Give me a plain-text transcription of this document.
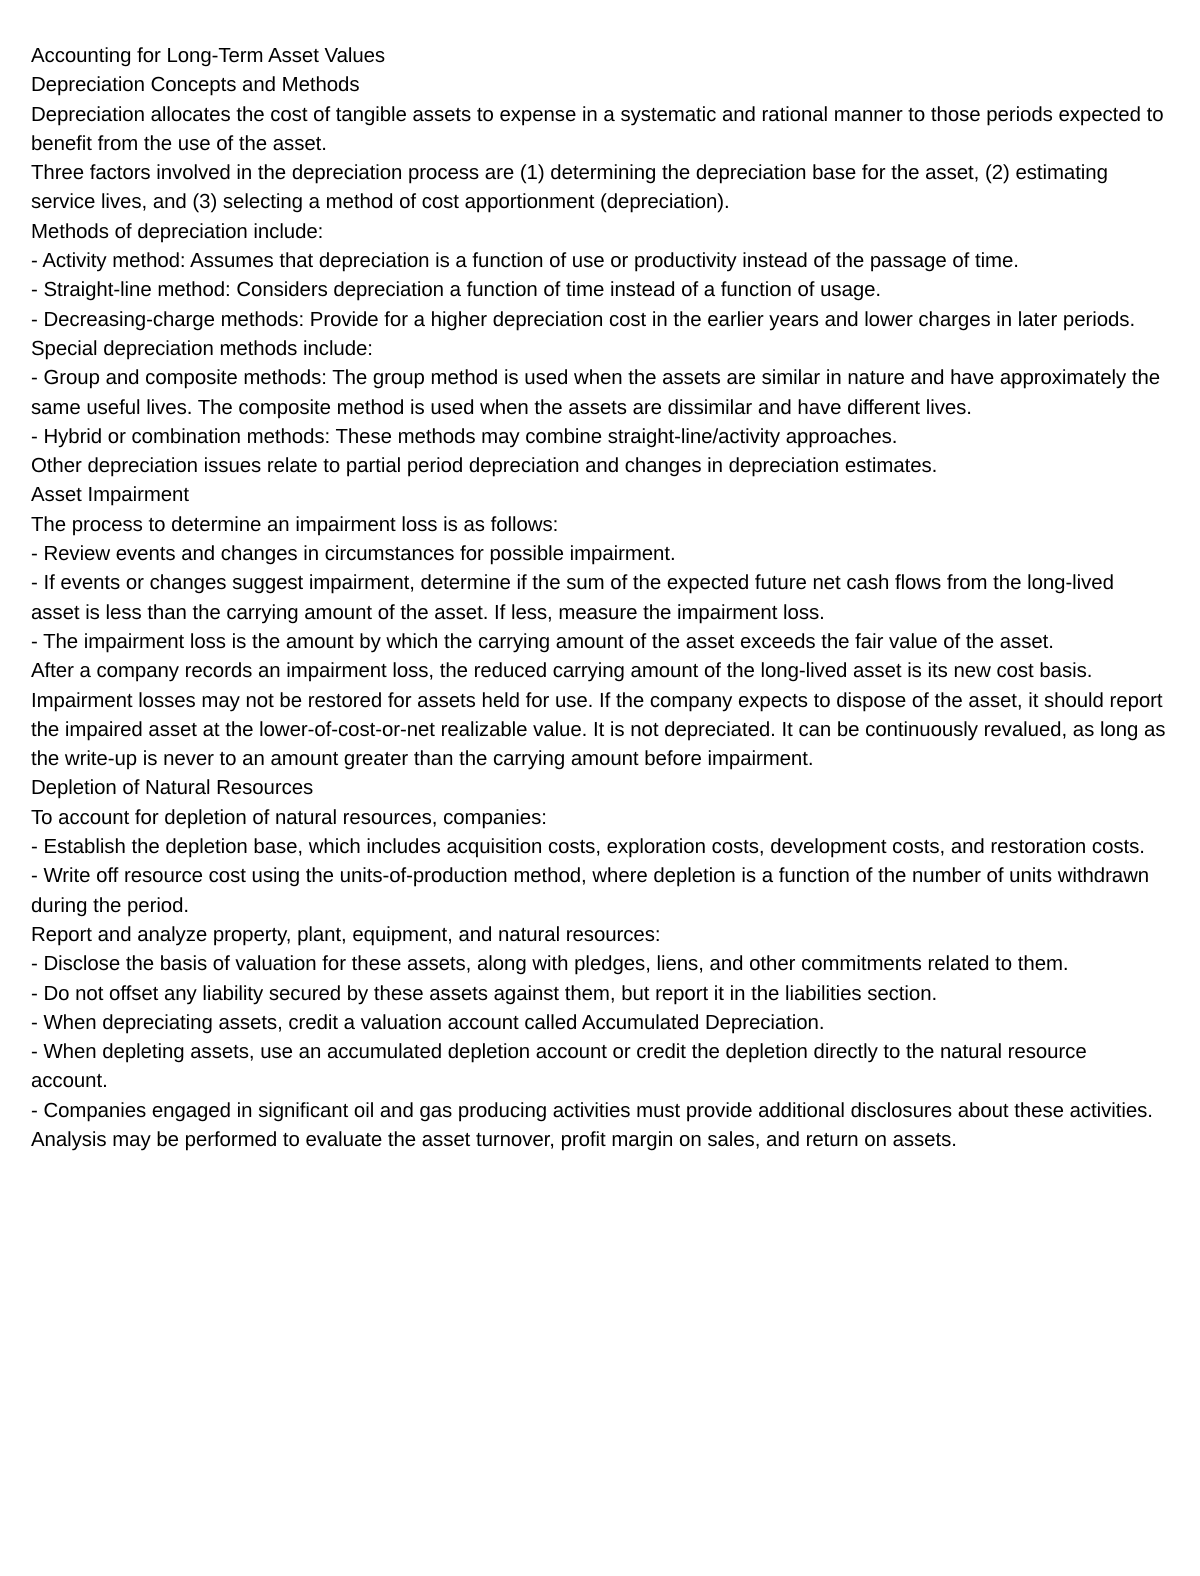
Accounting for Long-Term Asset Values

Depreciation Concepts and Methods

Depreciation allocates the cost of tangible assets to expense in a systematic and rational manner to those periods expected to benefit from the use of the asset.

Three factors involved in the depreciation process are (1) determining the depreciation base for the asset, (2) estimating service lives, and (3) selecting a method of cost apportionment (depreciation).

Methods of depreciation include:

- Activity method: Assumes that depreciation is a function of use or productivity instead of the passage of time.

- Straight-line method: Considers depreciation a function of time instead of a function of usage.

- Decreasing-charge methods: Provide for a higher depreciation cost in the earlier years and lower charges in later periods.

Special depreciation methods include:

- Group and composite methods: The group method is used when the assets are similar in nature and have approximately the same useful lives. The composite method is used when the assets are dissimilar and have different lives.

- Hybrid or combination methods: These methods may combine straight-line/activity approaches.

Other depreciation issues relate to partial period depreciation and changes in depreciation estimates.

Asset Impairment

The process to determine an impairment loss is as follows:

- Review events and changes in circumstances for possible impairment.

- If events or changes suggest impairment, determine if the sum of the expected future net cash flows from the long-lived asset is less than the carrying amount of the asset. If less, measure the impairment loss.

- The impairment loss is the amount by which the carrying amount of the asset exceeds the fair value of the asset.

After a company records an impairment loss, the reduced carrying amount of the long-lived asset is its new cost basis. Impairment losses may not be restored for assets held for use. If the company expects to dispose of the asset, it should report the impaired asset at the lower-of-cost-or-net realizable value. It is not depreciated. It can be continuously revalued, as long as the write-up is never to an amount greater than the carrying amount before impairment.

Depletion of Natural Resources

To account for depletion of natural resources, companies:

- Establish the depletion base, which includes acquisition costs, exploration costs, development costs, and restoration costs.

- Write off resource cost using the units-of-production method, where depletion is a function of the number of units withdrawn during the period.

Report and analyze property, plant, equipment, and natural resources:

- Disclose the basis of valuation for these assets, along with pledges, liens, and other commitments related to them.

- Do not offset any liability secured by these assets against them, but report it in the liabilities section.

- When depreciating assets, credit a valuation account called Accumulated Depreciation.

- When depleting assets, use an accumulated depletion account or credit the depletion directly to the natural resource account.

- Companies engaged in significant oil and gas producing activities must provide additional disclosures about these activities.

Analysis may be performed to evaluate the asset turnover, profit margin on sales, and return on assets.
